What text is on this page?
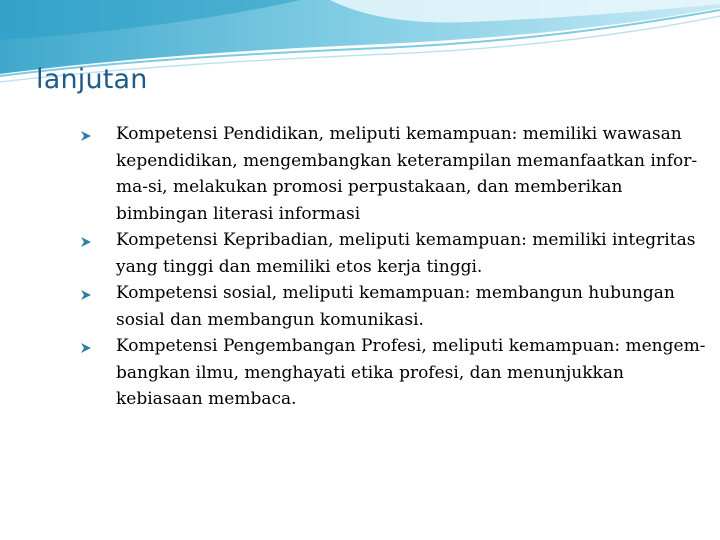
lanjutan
Kompetensi Pendidikan, meliputi kemampuan: memiliki wawasan kependidikan, mengembangkan keterampilan memanfaatkan infor-ma-si, melakukan promosi perpustakaan, dan memberikan bimbingan literasi informasi
Kompetensi Kepribadian, meliputi kemampuan: memiliki integritas yang tinggi dan memiliki etos kerja tinggi.
Kompetensi sosial, meliputi kemampuan: membangun hubungan sosial dan membangun komunikasi.
Kompetensi Pengembangan Profesi, meliputi kemampuan: mengem-bangkan ilmu, menghayati etika profesi, dan menunjukkan kebiasaan membaca.
